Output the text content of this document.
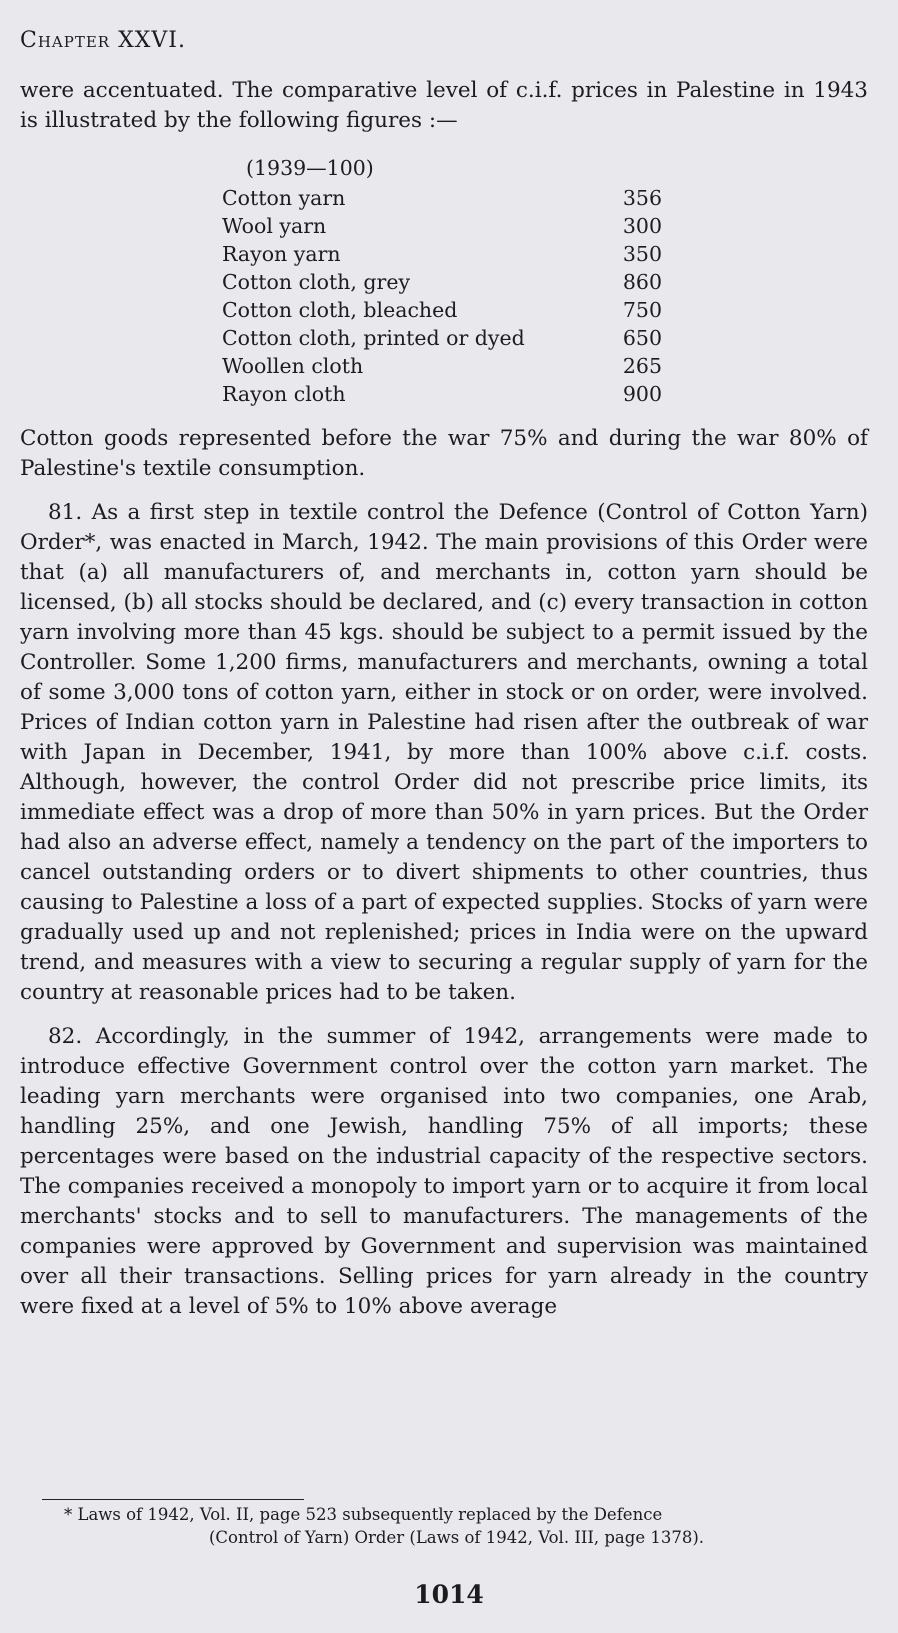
Chapter XXVI.

were accentuated. The comparative level of c.i.f. prices in Palestine in 1943 is illustrated by the following figures :—

(1939—100)
Cotton yarn	356
Wool yarn	300
Rayon yarn	350
Cotton cloth, grey	860
Cotton cloth, bleached	750
Cotton cloth, printed or dyed	650
Woollen cloth	265
Rayon cloth	900

Cotton goods represented before the war 75% and during the war 80% of Palestine's textile consumption.

81. As a first step in textile control the Defence (Control of Cotton Yarn) Order*, was enacted in March, 1942. The main provisions of this Order were that (a) all manufacturers of, and merchants in, cotton yarn should be licensed, (b) all stocks should be declared, and (c) every transaction in cotton yarn involving more than 45 kgs. should be subject to a permit issued by the Controller. Some 1,200 firms, manufacturers and merchants, owning a total of some 3,000 tons of cotton yarn, either in stock or on order, were involved. Prices of Indian cotton yarn in Palestine had risen after the outbreak of war with Japan in December, 1941, by more than 100% above c.i.f. costs. Although, however, the control Order did not prescribe price limits, its immediate effect was a drop of more than 50% in yarn prices. But the Order had also an adverse effect, namely a tendency on the part of the importers to cancel outstanding orders or to divert shipments to other countries, thus causing to Palestine a loss of a part of expected supplies. Stocks of yarn were gradually used up and not replenished; prices in India were on the upward trend, and measures with a view to securing a regular supply of yarn for the country at reasonable prices had to be taken.

82. Accordingly, in the summer of 1942, arrangements were made to introduce effective Government control over the cotton yarn market. The leading yarn merchants were organised into two companies, one Arab, handling 25%, and one Jewish, handling 75% of all imports; these percentages were based on the industrial capacity of the respective sectors. The companies received a monopoly to import yarn or to acquire it from local merchants' stocks and to sell to manufacturers. The managements of the companies were approved by Government and supervision was maintained over all their transactions. Selling prices for yarn already in the country were fixed at a level of 5% to 10% above average

* Laws of 1942, Vol. II, page 523 subsequently replaced by the Defence
(Control of Yarn) Order (Laws of 1942, Vol. III, page 1378).
1014
